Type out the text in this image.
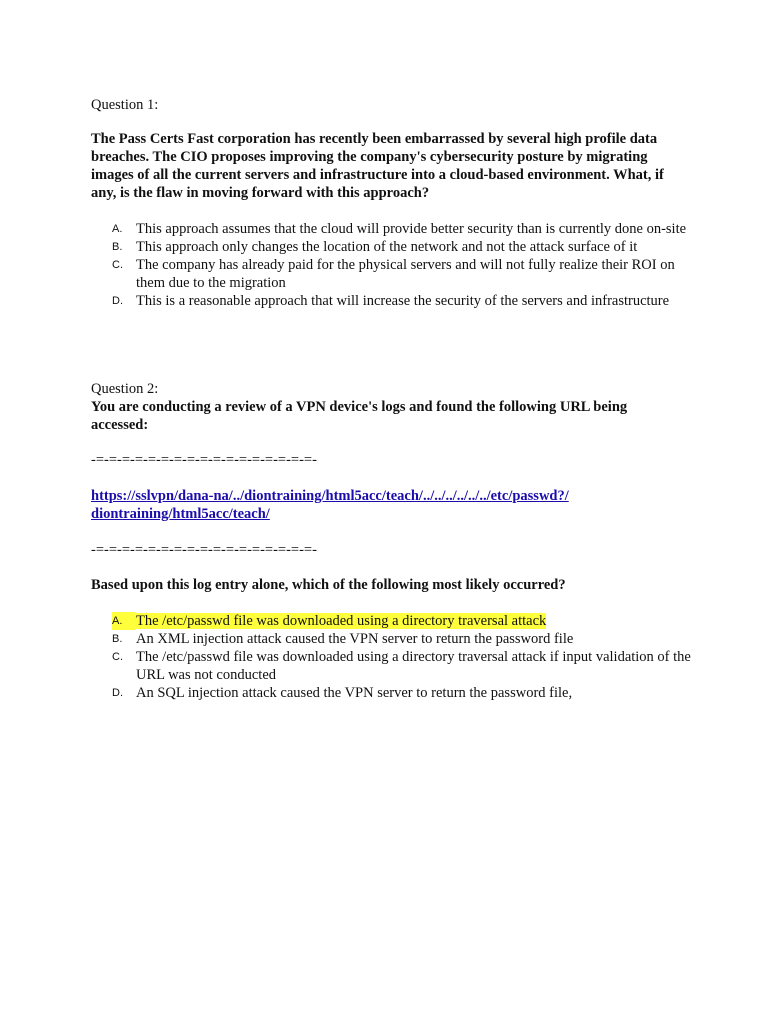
Question 1:
The Pass Certs Fast corporation has recently been embarrassed by several high profile data breaches. The CIO proposes improving the company's cybersecurity posture by migrating images of all the current servers and infrastructure into a cloud-based environment. What, if any, is the flaw in moving forward with this approach?
A. This approach assumes that the cloud will provide better security than is currently done on-site
B. This approach only changes the location of the network and not the attack surface of it
C. The company has already paid for the physical servers and will not fully realize their ROI on them due to the migration
D. This is a reasonable approach that will increase the security of the servers and infrastructure
Question 2:
You are conducting a review of a VPN device's logs and found the following URL being accessed:
-=-=-=-=-=-=-=-=-=-=-=-=-=-=-=-=-=-
https://sslvpn/dana-na/../diontraining/html5acc/teach/../../../../../../etc/passwd?/
diontraining/html5acc/teach/
-=-=-=-=-=-=-=-=-=-=-=-=-=-=-=-=-=-
Based upon this log entry alone, which of the following most likely occurred?
A. The /etc/passwd file was downloaded using a directory traversal attack
B. An XML injection attack caused the VPN server to return the password file
C. The /etc/passwd file was downloaded using a directory traversal attack if input validation of the URL was not conducted
D. An SQL injection attack caused the VPN server to return the password file,
